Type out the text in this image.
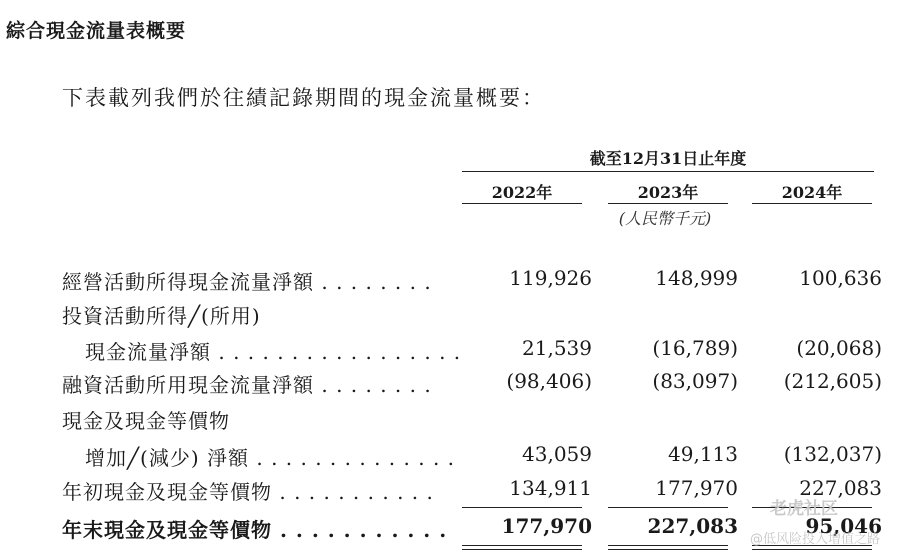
綜合現金流量表概要
下表載列我們於往績記錄期間的現金流量概要：
截至12月31日止年度
2022年	2023年	2024年
(人民幣千元)
經營活動所得現金流量淨額 . . . . . . . .	119,926	148,999	100,636
投資活動所得╱(所用)
現金流量淨額 . . . . . . . . . . . . . . . . .	21,539	(16,789)	(20,068)
融資活動所用現金流量淨額 . . . . . . . .	(98,406)	(83,097)	(212,605)
現金及現金等價物
增加╱(減少) 淨額 . . . . . . . . . . . . . .	43,059	49,113	(132,037)
年初現金及現金等價物 . . . . . . . . . . .	134,911	177,970	227,083
年末現金及現金等價物 . . . . . . . . . . .	177,970	227,083	95,046
老虎社区
@低风险投入增值之路
